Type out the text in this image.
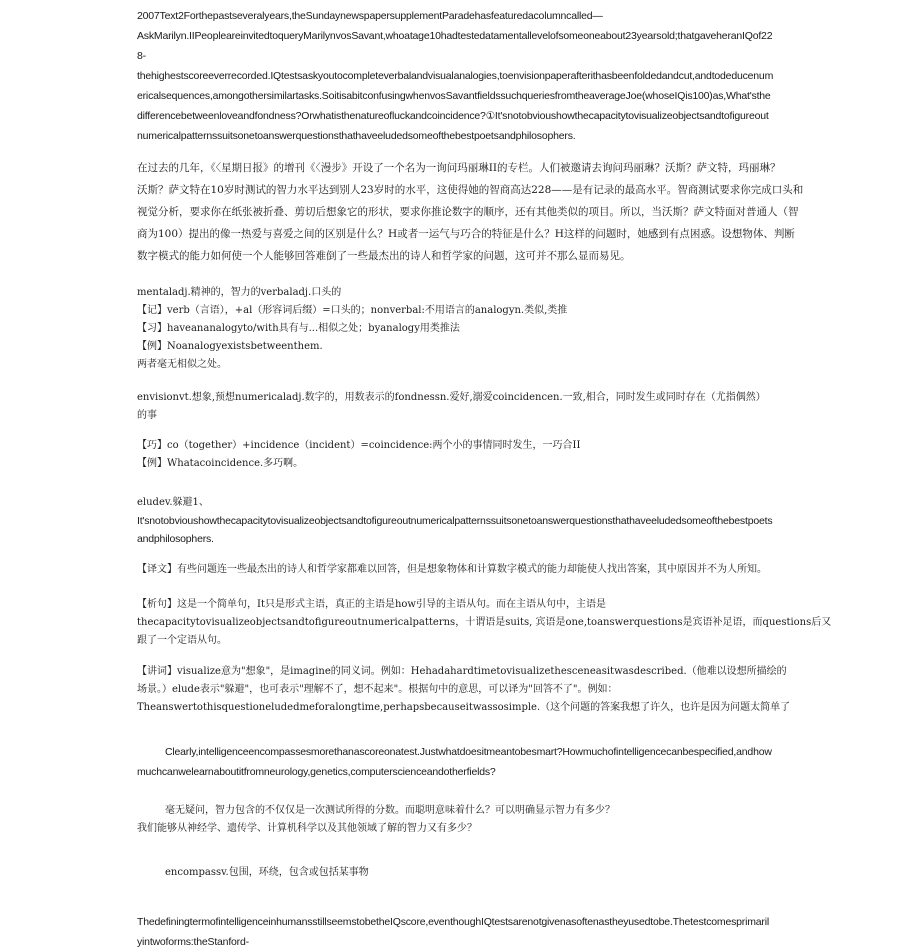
2007Text2Forthepastseveralyears,theSundaynewspapersupplementParadehasfeaturedacolumncalled—

AskMarilyn.IIPeopleareinvitedtoqueryMarilynvosSavant,whoatage10hadtestedatamentallevelofsomeoneabout23yearsold;thatgaveheranIQof22

8-

thehighestscoreeverrecorded.IQtestsaskyoutocompleteverbalandvisualanalogies,toenvisionpaperafterithasbeenfoldedandcut,andtodeducenum

ericalsequences,amongothersimilartasks.SoitisabitconfusingwhenvosSavantfieldssuchqueriesfromtheaverageJoe(whoseIQis100)as,What'sthe

differencebetweenloveandfondness?Orwhatisthenatureofluckandcoincidence?①It'snotobvioushowthecapacitytovisualizeobjectsandtofigureout

numericalpatternssuitsonetoanswerquestionsthathaveeludedsomeofthebestpoetsandphilosophers.

在过去的几年，《〈星期日报》的增刊《〈漫步》开设了一个名为一询问玛丽琳II的专栏。人们被邀请去询问玛丽琳？沃斯？萨文特，玛丽琳？

沃斯？萨文特在10岁时测试的智力水平达到别人23岁时的水平，这使得她的智商高达228——是有记录的最高水平。智商测试要求你完成口头和

视觉分析，要求你在纸张被折叠、剪切后想象它的形状，要求你推论数字的顺序，还有其他类似的项目。所以，当沃斯？萨文特面对普通人（智

商为100）提出的像一热爱与喜爱之间的区别是什么？H或者一运气与巧合的特征是什么？H这样的问题时，她感到有点困惑。设想物体、判断

数字模式的能力如何使一个人能够回答难倒了一些最杰出的诗人和哲学家的问题，这可并不那么显而易见。

mentaladj.精神的，智力的verbaladj.口头的

【记】verb（言语），+al（形容词后缀）=口头的；nonverbal:不用语言的analogyn.类似,类推

【习】haveananalogyto/with具有与...相似之处；byanalogy用类推法

【例】Noanalogyexistsbetweenthem.

两者毫无相似之处。

envisionvt.想象,预想numericaladj.数字的，用数表示的fondnessn.爱好,溺爱coincidencen.一致,相合，同时发生或同时存在（尤指偶然）

的事

【巧】co（together）+incidence（incident）=coincidence:两个小的事情同时发生，一巧合II

【例】Whatacoincidence.多巧啊。

eludev.躲避1、

It'snotobvioushowthecapacitytovisualizeobjectsandtofigureoutnumericalpatternssuitsonetoanswerquestionsthathaveeludedsomeofthebestpoets

andphilosophers.

【译文】有些问题连一些最杰出的诗人和哲学家都难以回答，但是想象物体和计算数字模式的能力却能使人找出答案，其中原因并不为人所知。

【析句】这是一个简单句，It只是形式主语，真正的主语是how引导的主语从句。而在主语从句中，主语是

thecapacitytovisualizeobjectsandtofigureoutnumericalpatterns，十谓语是suits, 宾语是one,toanswerquestions是宾语补足语，而questions后又

跟了一个定语从句。

【讲词】visualize意为"想象"，是imagine的同义词。例如：Hehadahardtimetovisualizethesceneasitwasdescribed.（他难以设想所描绘的

场景。）elude表示"躲避"，也可表示"理解不了，想不起来"。根据句中的意思，可以译为"回答不了"。例如：

Theanswertothisquestioneludedmeforalongtime,perhapsbecauseitwassosimple.（这个问题的答案我想了许久，也许是因为问题太简单了

Clearly,intelligenceencompassesmorethanascoreonatest.Justwhatdoesitmeantobesmart?Howmuchofintelligencecanbespecified,andhow

muchcanwelearnaboutitfromneurology,genetics,computerscienceandotherfields?

毫无疑问，智力包含的不仅仅是一次测试所得的分数。而聪明意味着什么？可以明确显示智力有多少？

我们能够从神经学、遗传学、计算机科学以及其他领域了解的智力又有多少？

encompassv.包围，环绕，包含或包括某事物

ThedefiningtermofintelligenceinhumansstillseemstobetheIQscore,eventhoughIQtestsarenotgivenasoftenastheyusedtobe.Thetestcomesprimaril

yintwoforms:theStanford-
